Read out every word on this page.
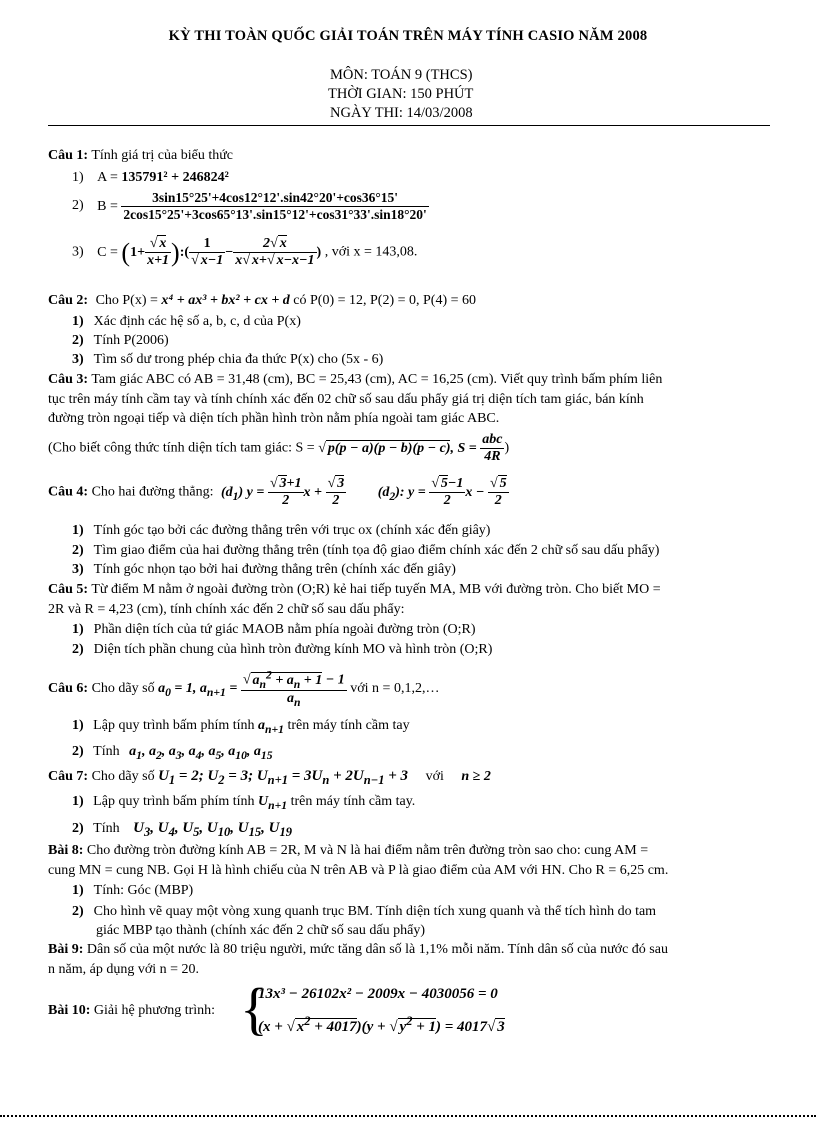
KỲ THI TOÀN QUỐC GIẢI TOÁN TRÊN MÁY TÍNH CASIO NĂM 2008
MÔN: TOÁN 9 (THCS)
THỜI GIAN: 150 PHÚT
NGÀY THI: 14/03/2008
Câu 1: Tính giá trị của biểu thức
1) A = 135791² + 246824²
2) $B = \frac{3\sin 15^\circ 25'+4\cos 12^\circ 12'.\sin 42^\circ 20'+\cos 36^\circ 15'}{2\cos 15^\circ 25'+3\cos 65^\circ 13'.\sin 15^\circ 12'+\cos 31^\circ 33'.\sin 18^\circ 20'}$
3) $C = (1+ \frac{√ x}{x+1}$ ):( $\frac{1}{√ x-1} - \frac{2√ x}{x√ x+√ x-x-1}$ ) , với x = 143,08.
Câu 2: Cho P(x) = x⁴ + ax³ + bx² + cx + d có P(0) = 12, P(2) = 0, P(4) = 60
1) Xác định các hệ số a, b, c, d của P(x)
2) Tính P(2006)
3) Tìm số dư trong phép chia đa thức P(x) cho (5x - 6)
Câu 3: Tam giác ABC có AB = 31,48 (cm), BC = 25,43 (cm), AC = 16,25 (cm). Viết quy trình bấm phím liên
tục trên máy tính cầm tay và tính chính xác đến 02 chữ số sau dấu phẩy giá trị diện tích tam giác, bán kính
đường tròn ngoại tiếp và diện tích phần hình tròn nằm phía ngoài tam giác ABC.
(Cho biết công thức tính diện tích tam giác: S = √ p(p − a)(p − b)(p − c), $S = \frac{\text{abc}}{4R}$ )
Câu 4: Cho hai đường thẳng: $(d_1) y = \frac{√ 3+1}{2}$ $x + \frac{√ 3}{2} (d_2)$: $y = \frac{√ 5-1}{2}$ $x - \frac{√ 5}{2}$
1) Tính góc tạo bởi các đường thẳng trên với trục ox (chính xác đến giây)
2) Tìm giao điểm của hai đường thẳng trên (tính tọa độ giao điểm chính xác đến 2 chữ số sau dấu phẩy)
3) Tính góc nhọn tạo bởi hai đường thẳng trên (chính xác đến giây)
Câu 5: Từ điểm M nằm ở ngoài đường tròn (O;R) kẻ hai tiếp tuyến MA, MB với đường tròn. Cho biết MO =
2R và R = 4,23 (cm), tính chính xác đến 2 chữ số sau dấu phẩy:
1) Phần diện tích của tứ giác MAOB nằm phía ngoài đường tròn (O;R)
2) Diện tích phần chung của hình tròn đường kính MO và hình tròn (O;R)
Câu 6: Cho dãy số $a_0 = 1$, $a_{n+1} = \frac{√ a_n^2 + a_n + 1 - 1}{a_n}$ với n = 0,1,2,…
1) Lập quy trình bấm phím tính $a_{n+1}$ trên máy tính cầm tay
2) Tính $a_1$, $a_2$, $a_3$, $a_4$, $a_5$, $a_{10}$, $a_{15}$
Câu 7: Cho dãy số $U_1 = 2$; $U_2 = 3$; $U_{n+1} = 3U_n + 2U_{n-1} + 3$ với n ≥ 2
1) Lập quy trình bấm phím tính $U_{n+1}$ trên máy tính cầm tay.
2) Tính $U_3$, $U_4$, $U_5$, $U_{10}$, $U_{15}$, $U_{19}$
Bài 8: Cho đường tròn đường kính AB = 2R, M và N là hai điểm nằm trên đường tròn sao cho: cung AM =
cung MN = cung NB. Gọi H là hình chiếu của N trên AB và P là giao điểm của AM với HN. Cho R = 6,25 cm.
1) Tính: Góc (MBP)
2) Cho hình vẽ quay một vòng xung quanh trục BM. Tính diện tích xung quanh và thể tích hình do tam
giác MBP tạo thành (chính xác đến 2 chữ số sau dấu phẩy)
Bài 9: Dân số của một nước là 80 triệu người, mức tăng dân số là 1,1% mỗi năm. Tính dân số của nước đó sau
n năm, áp dụng với n = 20.
Bài 10: Giải hệ phương trình: {
13x³ − 26102x² − 2009x − 4030056 = 0
(x + √ $x^2 + 4017)(y$ + √ $y^2 + 1) = 4017√$ 3
